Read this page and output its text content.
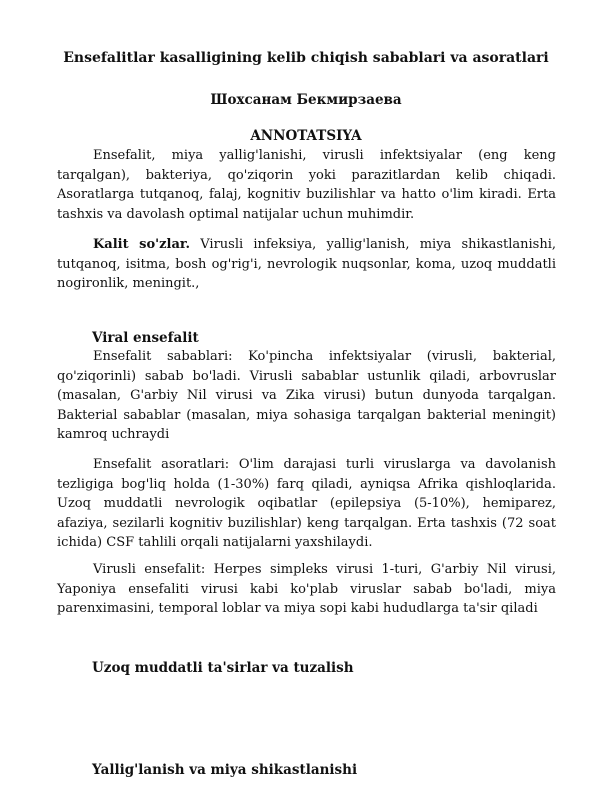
Ensefalitlar kasalligining kelib chiqish sabablari va asoratlari
Шохсанам Бекмирзаева
ANNOTATSIYA

Ensefalit, miya yallig'lanishi, virusli infektsiyalar (eng keng tarqalgan), bakteriya, qo'ziqorin yoki parazitlardan kelib chiqadi. Asoratlarga tutqanoq, falaj, kognitiv buzilishlar va hatto o'lim kiradi. Erta tashxis va davolash optimal natijalar uchun muhimdir.

Kalit so'zlar. Virusli infeksiya, yallig'lanish, miya shikastlanishi, tutqanoq, isitma, bosh og'rig'i, nevrologik nuqsonlar, koma, uzoq muddatli nogironlik, meningit.,

Viral ensefalit

Ensefalit sabablari: Ko'pincha infektsiyalar (virusli, bakterial, qo'ziqorinli) sabab bo'ladi. Virusli sabablar ustunlik qiladi, arbovruslar (masalan, G'arbiy Nil virusi va Zika virusi) butun dunyoda tarqalgan. Bakterial sabablar (masalan, miya sohasiga tarqalgan bakterial meningit) kamroq uchraydi

Ensefalit asoratlari: O'lim darajasi turli viruslarga va davolanish tezligiga bog'liq holda (1-30%) farq qiladi, ayniqsa Afrika qishloqlarida. Uzoq muddatli nevrologik oqibatlar (epilepsiya (5-10%), hemiparez, afaziya, sezilarli kognitiv buzilishlar) keng tarqalgan. Erta tashxis (72 soat ichida) CSF tahlili orqali natijalarni yaxshilaydi.

Virusli ensefalit: Herpes simpleks virusi 1-turi, G'arbiy Nil virusi, Yaponiya ensefaliti virusi kabi ko'plab viruslar sabab bo'ladi, miya parenximasini, temporal loblar va miya sopi kabi hududlarga ta'sir qiladi

Uzoq muddatli ta'sirlar va tuzalish
Yallig'lanish va miya shikastlanishi
